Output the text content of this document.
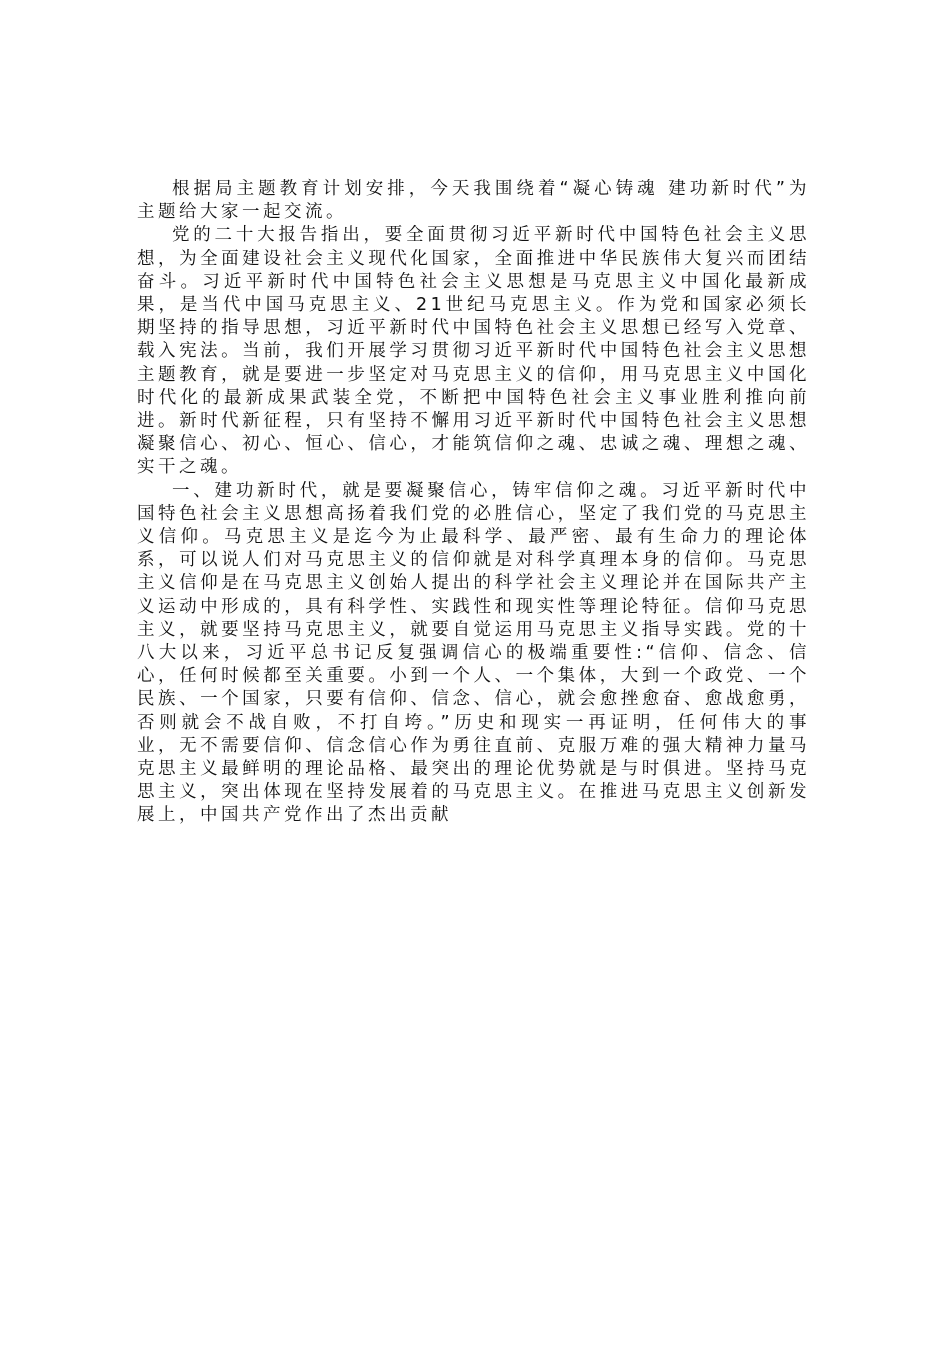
根据局主题教育计划安排，今天我围绕着“凝心铸魂 建功新时代”为主题给大家一起交流。

党的二十大报告指出，要全面贯彻习近平新时代中国特色社会主义思想，为全面建设社会主义现代化国家，全面推进中华民族伟大复兴而团结奋斗。习近平新时代中国特色社会主义思想是马克思主义中国化最新成果，是当代中国马克思主义、21世纪马克思主义。作为党和国家必须长期坚持的指导思想，习近平新时代中国特色社会主义思想已经写入党章、载入宪法。当前，我们开展学习贯彻习近平新时代中国特色社会主义思想主题教育，就是要进一步坚定对马克思主义的信仰，用马克思主义中国化时代化的最新成果武装全党，不断把中国特色社会主义事业胜利推向前进。新时代新征程，只有坚持不懈用习近平新时代中国特色社会主义思想凝聚信心、初心、恒心、信心，才能筑信仰之魂、忠诚之魂、理想之魂、实干之魂。

一、建功新时代，就是要凝聚信心，铸牢信仰之魂。习近平新时代中国特色社会主义思想高扬着我们党的必胜信心，坚定了我们党的马克思主义信仰。马克思主义是迄今为止最科学、最严密、最有生命力的理论体系，可以说人们对马克思主义的信仰就是对科学真理本身的信仰。马克思主义信仰是在马克思主义创始人提出的科学社会主义理论并在国际共产主义运动中形成的，具有科学性、实践性和现实性等理论特征。信仰马克思主义，就要坚持马克思主义，就要自觉运用马克思主义指导实践。党的十八大以来，习近平总书记反复强调信心的极端重要性:“信仰、信念、信心，任何时候都至关重要。小到一个人、一个集体，大到一个政党、一个民族、一个国家，只要有信仰、信念、信心，就会愈挫愈奋、愈战愈勇，否则就会不战自败，不打自垮。”历史和现实一再证明，任何伟大的事业，无不需要信仰、信念信心作为勇往直前、克服万难的强大精神力量马克思主义最鲜明的理论品格、最突出的理论优势就是与时俱进。坚持马克思主义，突出体现在坚持发展着的马克思主义。在推进马克思主义创新发展上，中国共产党作出了杰出贡献
